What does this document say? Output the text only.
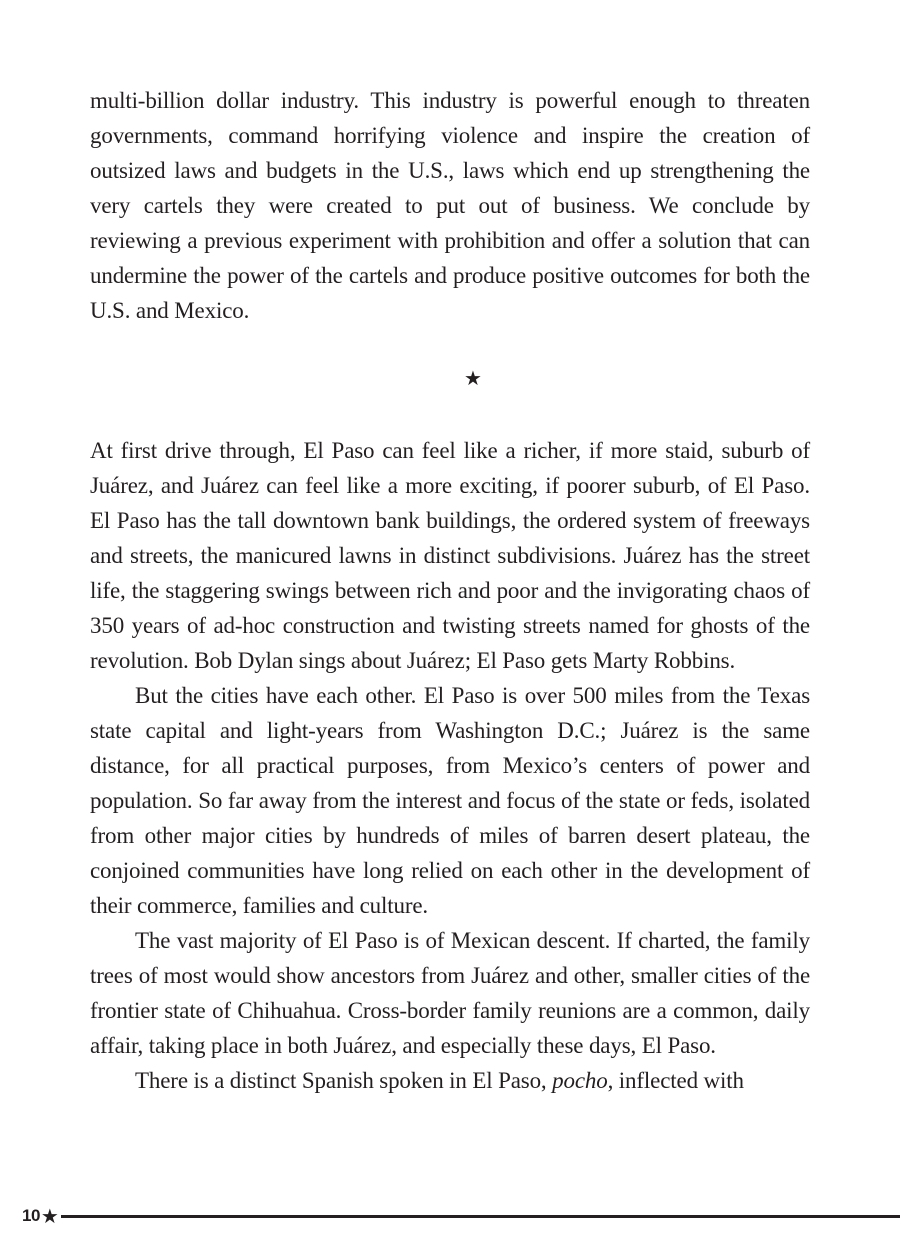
multi-billion dollar industry. This industry is powerful enough to threaten governments, command horrifying violence and inspire the creation of outsized laws and budgets in the U.S., laws which end up strengthening the very cartels they were created to put out of business. We conclude by reviewing a previous experiment with prohibition and offer a solution that can undermine the power of the cartels and produce positive outcomes for both the U.S. and Mexico.

★

At first drive through, El Paso can feel like a richer, if more staid, suburb of Juárez, and Juárez can feel like a more exciting, if poorer suburb, of El Paso. El Paso has the tall downtown bank buildings, the ordered system of freeways and streets, the manicured lawns in distinct subdivisions. Juárez has the street life, the staggering swings between rich and poor and the invigorating chaos of 350 years of ad-hoc construction and twisting streets named for ghosts of the revolution. Bob Dylan sings about Juárez; El Paso gets Marty Robbins.

But the cities have each other. El Paso is over 500 miles from the Texas state capital and light-years from Washington D.C.; Juárez is the same distance, for all practical purposes, from Mexico’s centers of power and population. So far away from the interest and focus of the state or feds, isolated from other major cities by hundreds of miles of barren desert plateau, the conjoined communities have long relied on each other in the development of their commerce, families and culture.

The vast majority of El Paso is of Mexican descent. If charted, the family trees of most would show ancestors from Juárez and other, smaller cities of the frontier state of Chihuahua. Cross-border family reunions are a common, daily affair, taking place in both Juárez, and especially these days, El Paso.

There is a distinct Spanish spoken in El Paso, pocho, inflected with

10 ★
